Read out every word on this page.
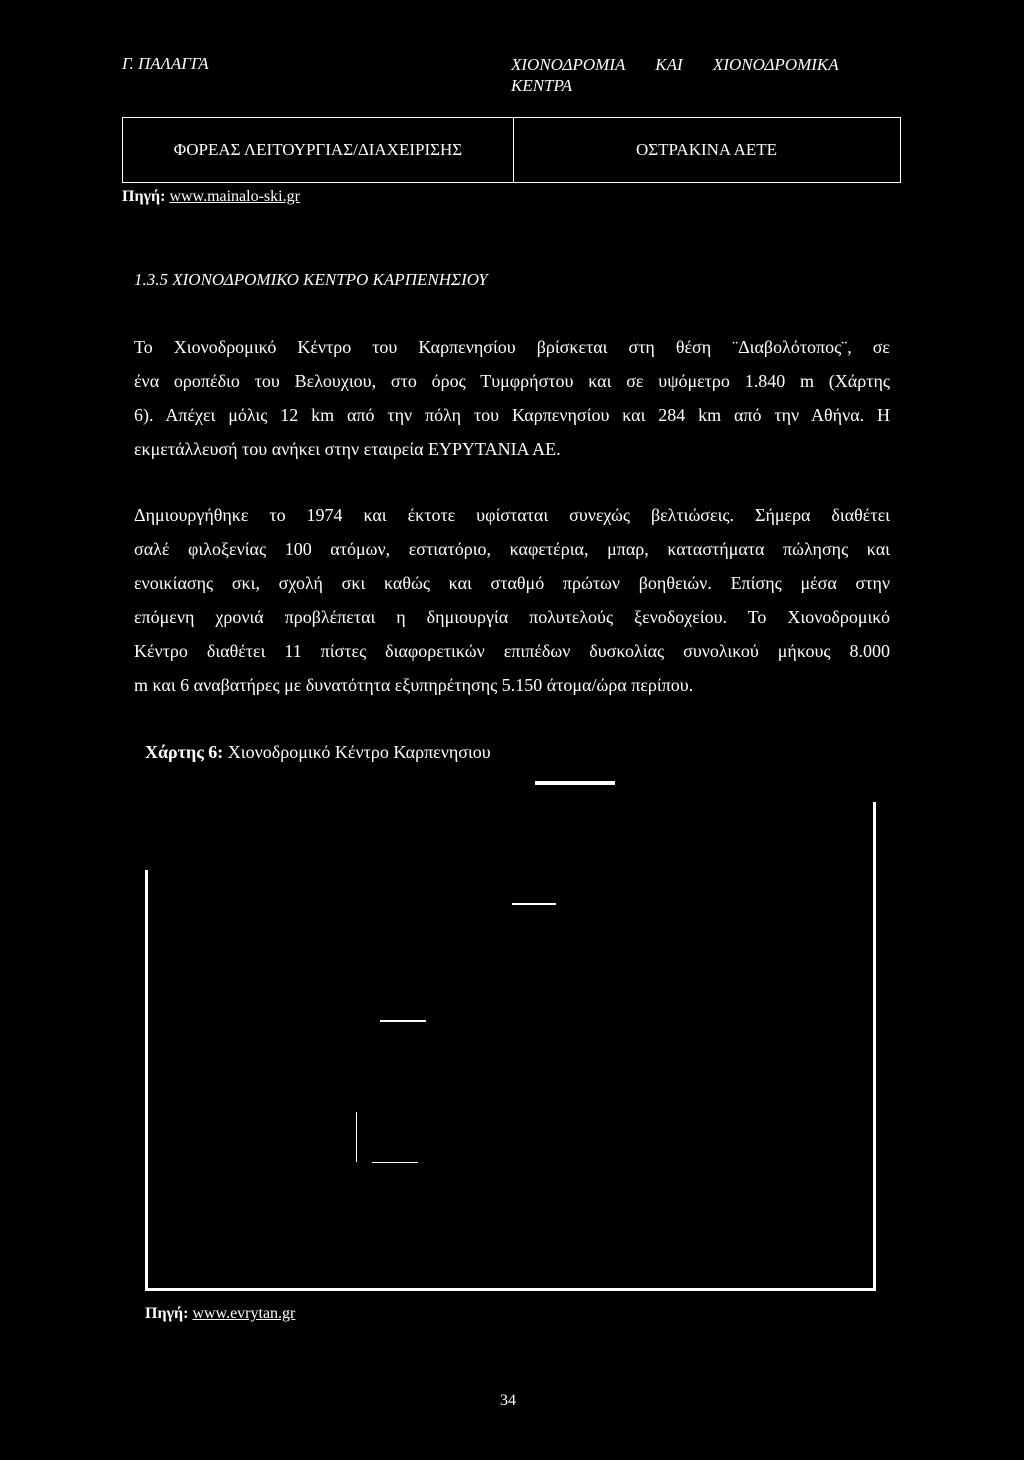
Γ. ΠΑΛΑΓΓΑ	ΧΙΟΝΟΔΡΟΜΙΑ ΚΑΙ ΧΙΟΝΟΔΡΟΜΙΚΑ
ΚΕΝΤΡΑ
ΦΟΡΕΑΣ ΛΕΙΤΟΥΡΓΙΑΣ/ΔΙΑΧΕΙΡΙΣΗΣ	ΟΣΤΡΑΚΙΝΑ ΑΕΤΕ
Πηγή: www.mainalo-ski.gr
1.3.5 ΧΙΟΝΟΔΡΟΜΙΚΟ ΚΕΝΤΡΟ ΚΑΡΠΕΝΗΣΙΟΥ
Το Χιονοδρομικό Κέντρο του Καρπενησίου βρίσκεται στη θέση ¨Διαβολότοπος¨, σε
ένα οροπέδιο του Βελουχιου, στο όρος Τυμφρήστου και σε υψόμετρο 1.840 m (Χάρτης
6). Απέχει μόλις 12 km από την πόλη του Καρπενησίου και 284 km από την Αθήνα. Η
εκμετάλλευσή του ανήκει στην εταιρεία ΕΥΡΥΤΑΝΙΑ ΑΕ.
Δημιουργήθηκε το 1974 και έκτοτε υφίσταται συνεχώς βελτιώσεις. Σήμερα διαθέτει
σαλέ φιλοξενίας 100 ατόμων, εστιατόριο, καφετέρια, μπαρ, καταστήματα πώλησης και
ενοικίασης σκι, σχολή σκι καθώς και σταθμό πρώτων βοηθειών. Επίσης μέσα στην
επόμενη χρονιά προβλέπεται η δημιουργία πολυτελούς ξενοδοχείου. Το Χιονοδρομικό
Κέντρο διαθέτει 11 πίστες διαφορετικών επιπέδων δυσκολίας συνολικού μήκους 8.000
m και 6 αναβατήρες με δυνατότητα εξυπηρέτησης 5.150 άτομα/ώρα περίπου.
Χάρτης 6: Χιονοδρομικό Κέντρο Καρπενησιου
Πηγή: www.evrytan.gr
34
